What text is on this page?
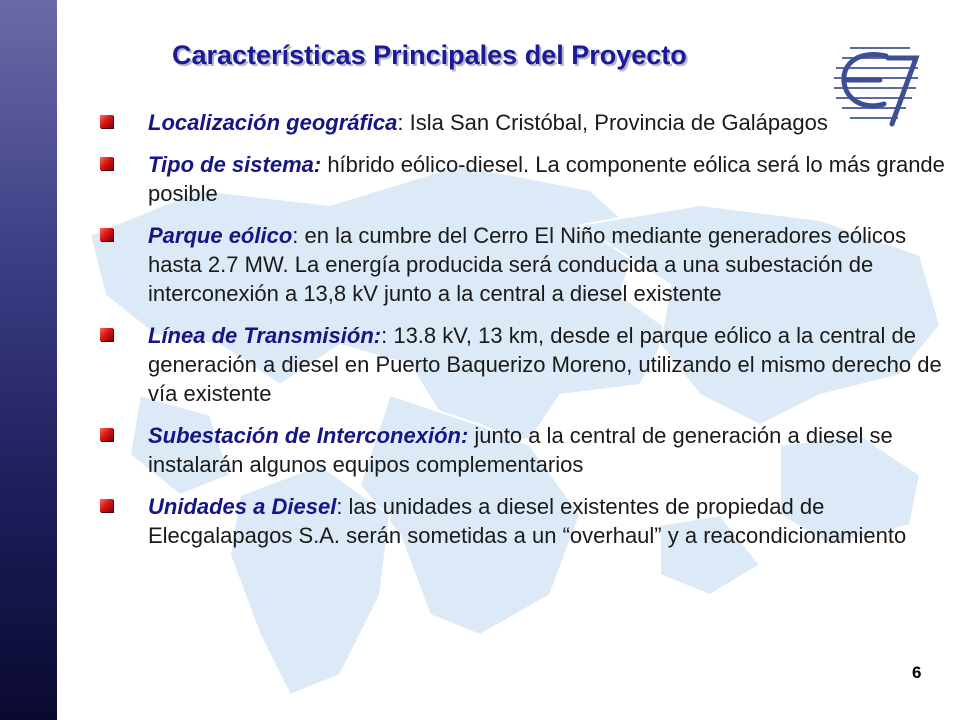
Características Principales del Proyecto
Localización geográfica: Isla San Cristóbal, Provincia de Galápagos
Tipo de sistema: híbrido eólico-diesel. La componente eólica será lo más grande posible
Parque eólico: en la cumbre del Cerro El Niño mediante generadores eólicos hasta 2.7 MW. La energía producida será conducida a una subestación de interconexión a 13,8 kV junto a la central a diesel existente
Línea de Transmisión:: 13.8 kV, 13 km, desde el parque eólico a la central de generación a diesel en Puerto Baquerizo Moreno, utilizando el mismo derecho de vía existente
Subestación de Interconexión: junto a la central de generación a diesel se instalarán algunos equipos complementarios
Unidades a Diesel: las unidades a diesel existentes de propiedad de Elecgalapagos S.A. serán sometidas a un “overhaul” y a reacondicionamiento
6
